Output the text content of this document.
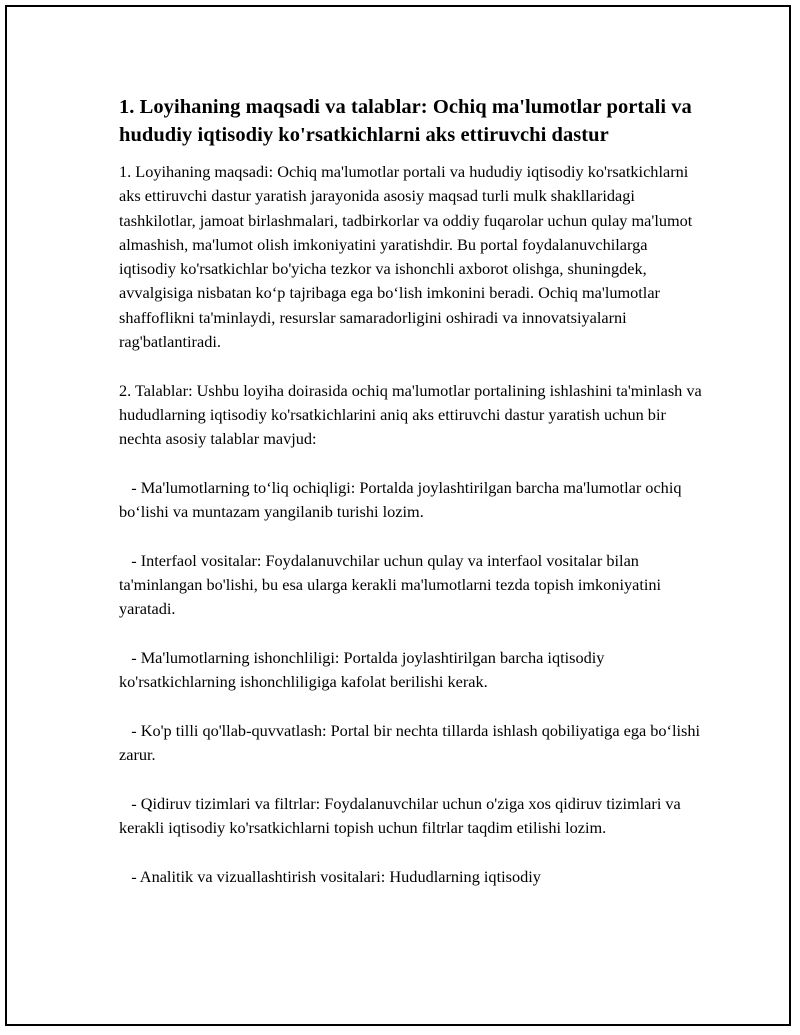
1. Loyihaning maqsadi va talablar: Ochiq ma'lumotlar portali va hududiy iqtisodiy ko'rsatkichlarni aks ettiruvchi dastur

1. Loyihaning maqsadi: Ochiq ma'lumotlar portali va hududiy iqtisodiy ko'rsatkichlarni aks ettiruvchi dastur yaratish jarayonida asosiy maqsad turli mulk shakllaridagi tashkilotlar, jamoat birlashmalari, tadbirkorlar va oddiy fuqarolar uchun qulay ma'lumot almashish, ma'lumot olish imkoniyatini yaratishdir. Bu portal foydalanuvchilarga iqtisodiy ko'rsatkichlar bo'yicha tezkor va ishonchli axborot olishga, shuningdek, avvalgisiga nisbatan ko‘p tajribaga ega bo‘lish imkonini beradi. Ochiq ma'lumotlar shaffoflikni ta'minlaydi, resurslar samaradorligini oshiradi va innovatsiyalarni rag'batlantiradi.

2. Talablar: Ushbu loyiha doirasida ochiq ma'lumotlar portalining ishlashini ta'minlash va hududlarning iqtisodiy ko'rsatkichlarini aniq aks ettiruvchi dastur yaratish uchun bir nechta asosiy talablar mavjud:

- Ma'lumotlarning to‘liq ochiqligi: Portalda joylashtirilgan barcha ma'lumotlar ochiq bo‘lishi va muntazam yangilanib turishi lozim.

- Interfaol vositalar: Foydalanuvchilar uchun qulay va interfaol vositalar bilan ta'minlangan bo'lishi, bu esa ularga kerakli ma'lumotlarni tezda topish imkoniyatini yaratadi.

- Ma'lumotlarning ishonchliligi: Portalda joylashtirilgan barcha iqtisodiy ko'rsatkichlarning ishonchliligiga kafolat berilishi kerak.

- Ko'p tilli qo'llab-quvvatlash: Portal bir nechta tillarda ishlash qobiliyatiga ega bo‘lishi zarur.

- Qidiruv tizimlari va filtrlar: Foydalanuvchilar uchun o'ziga xos qidiruv tizimlari va kerakli iqtisodiy ko'rsatkichlarni topish uchun filtrlar taqdim etilishi lozim.

- Analitik va vizuallashtirish vositalari: Hududlarning iqtisodiy
